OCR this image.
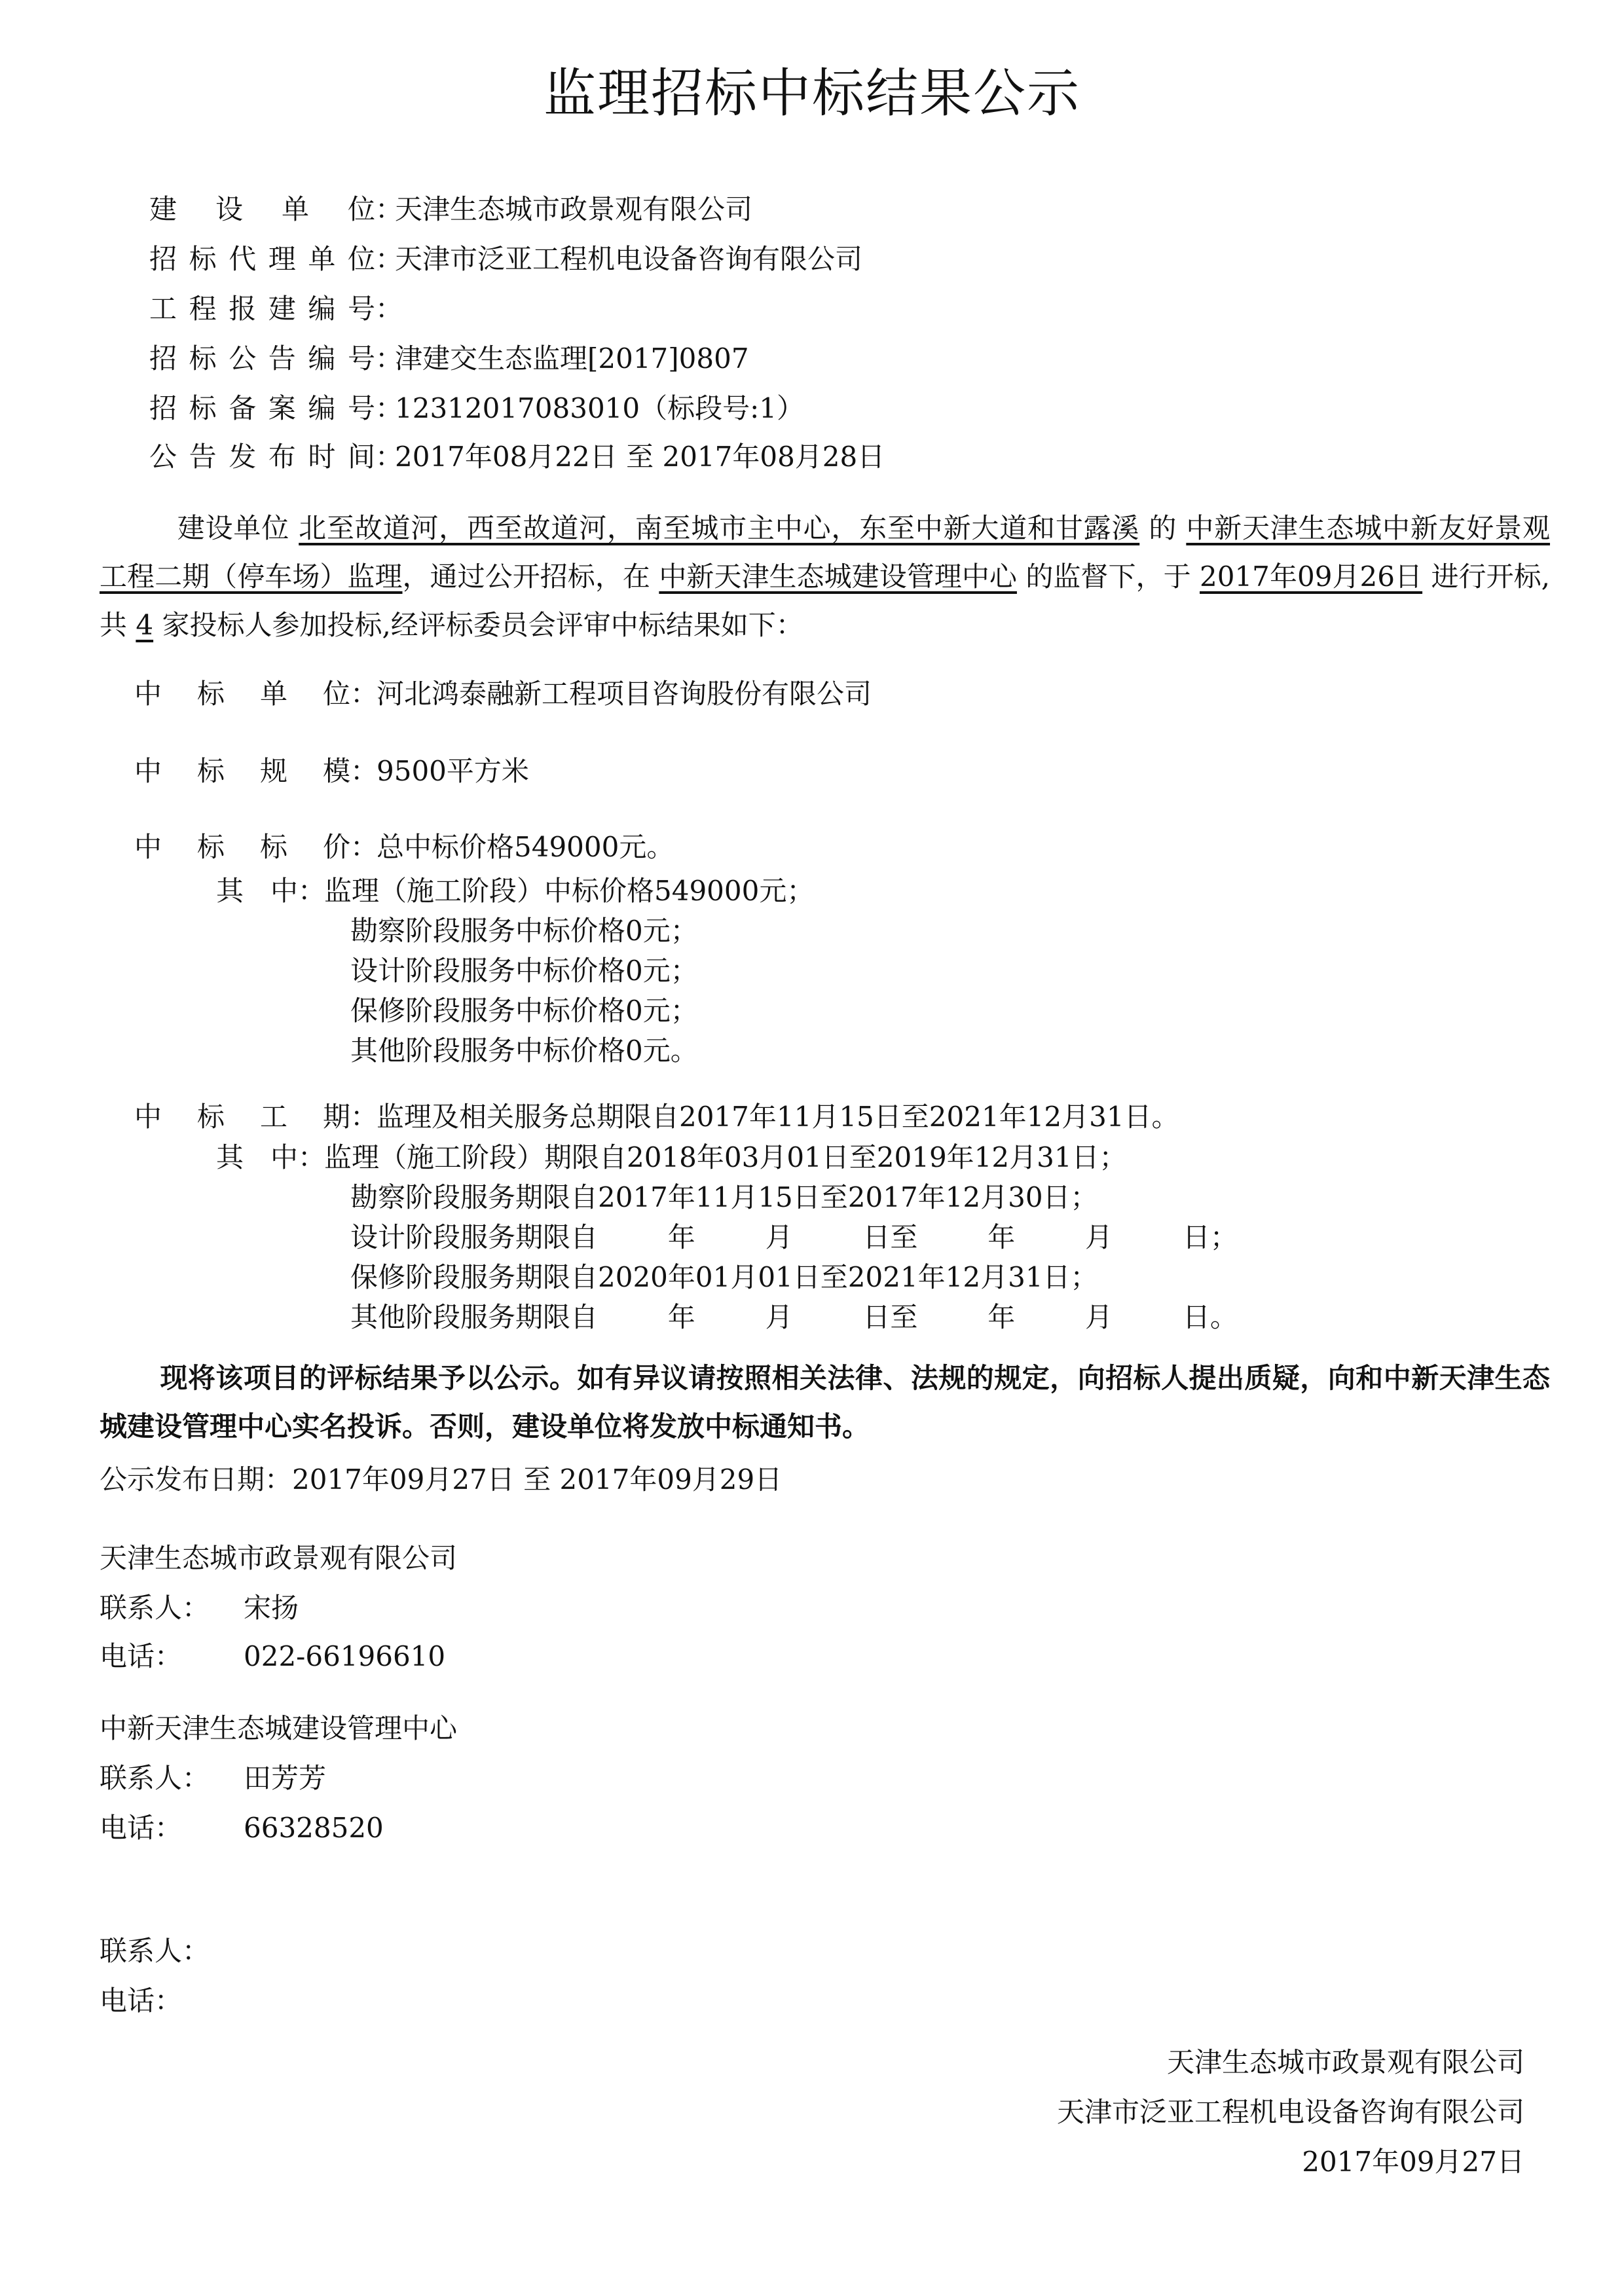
监理招标中标结果公示
建设单位：天津生态城市政景观有限公司
招标代理单位：天津市泛亚工程机电设备咨询有限公司
工程报建编号：
招标公告编号：津建交生态监理[2017]0807
招标备案编号：12312017083010（标段号:1）
公告发布时间：2017年08月22日 至 2017年08月28日
建设单位 北至故道河，西至故道河，南至城市主中心，东至中新大道和甘露溪 的 中新天津生态城中新友好景观工程二期（停车场）监理，通过公开招标，在 中新天津生态城建设管理中心 的监督下，于 2017年09月26日 进行开标,共 4 家投标人参加投标,经评标委员会评审中标结果如下：
中标单位：河北鸿泰融新工程项目咨询股份有限公司
中标规模：9500平方米
中标标价：总中标价格549000元。
其中：监理（施工阶段）中标价格549000元；
勘察阶段服务中标价格0元；
设计阶段服务中标价格0元；
保修阶段服务中标价格0元；
其他阶段服务中标价格0元。
中标工期：监理及相关服务总期限自2017年11月15日至2021年12月31日。
其中：监理（施工阶段）期限自2018年03月01日至2019年12月31日；
勘察阶段服务期限自2017年11月15日至2017年12月30日；
设计阶段服务期限自        年        月        日至        年        月        日；
保修阶段服务期限自2020年01月01日至2021年12月31日；
其他阶段服务期限自        年        月        日至        年        月        日。
现将该项目的评标结果予以公示。如有异议请按照相关法律、法规的规定，向招标人提出质疑，向和中新天津生态城建设管理中心实名投诉。否则，建设单位将发放中标通知书。
公示发布日期：2017年09月27日 至 2017年09月29日
天津生态城市政景观有限公司
联系人： 宋扬
电话： 022-66196610
中新天津生态城建设管理中心
联系人： 田芳芳
电话： 66328520
联系人：
电话：
天津生态城市政景观有限公司
天津市泛亚工程机电设备咨询有限公司
2017年09月27日
